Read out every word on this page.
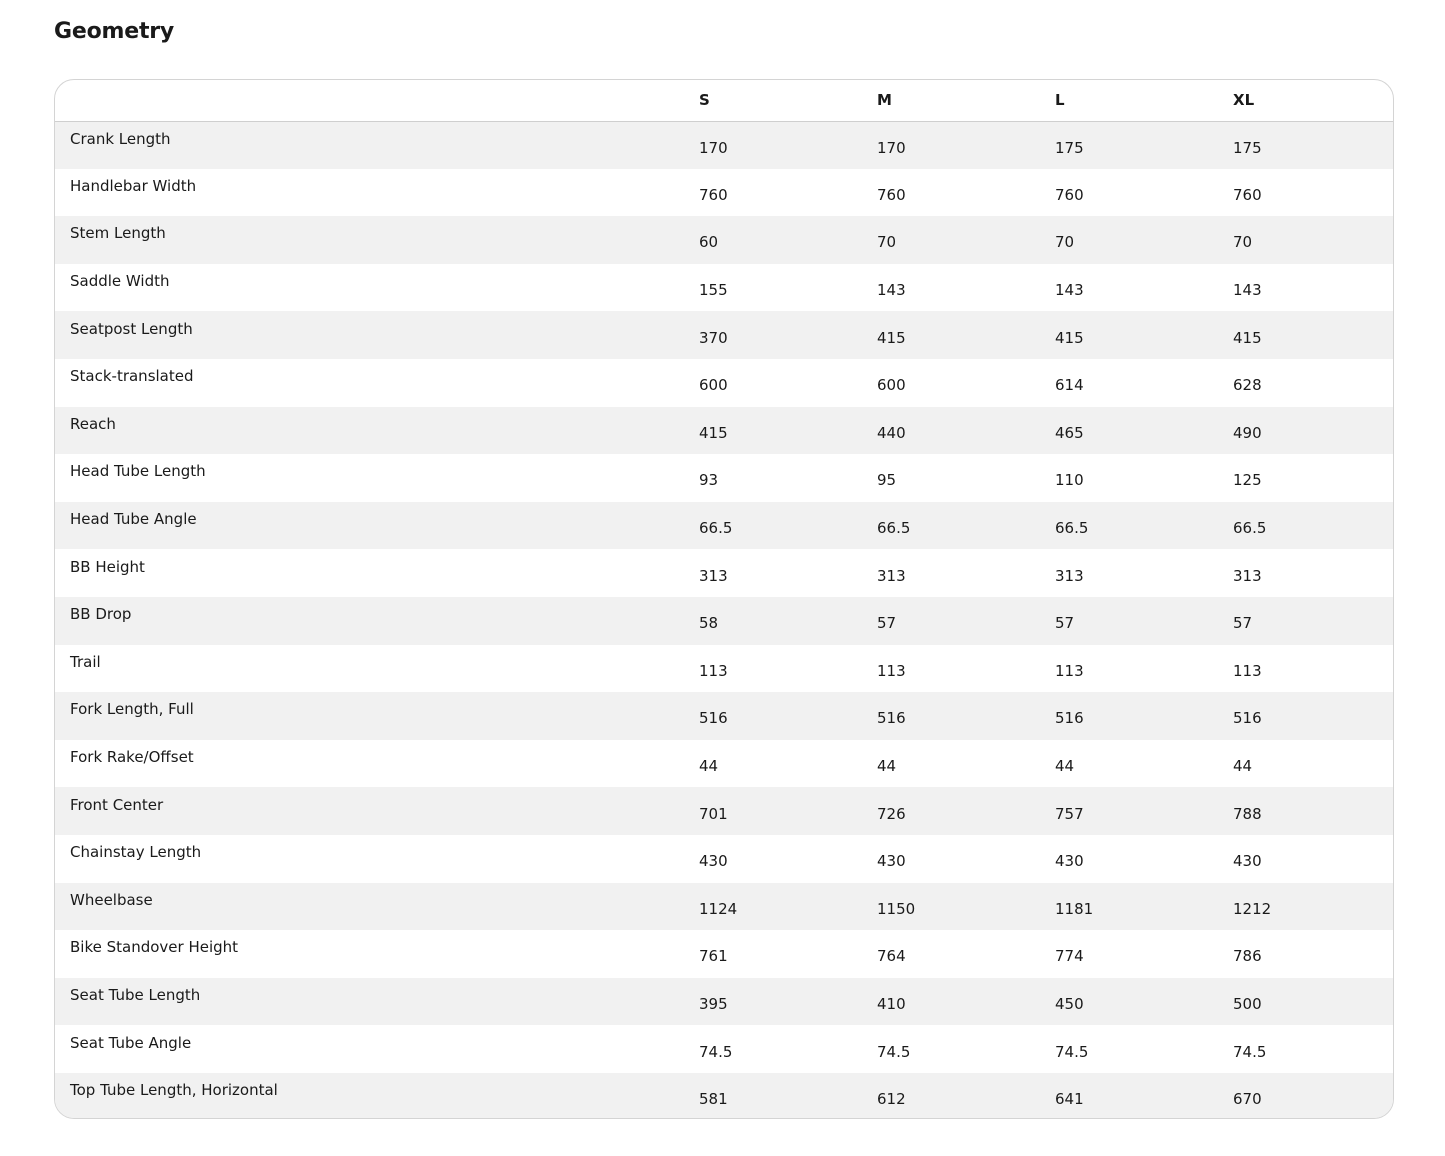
Geometry
	S	M	L	XL
Crank Length	170	170	175	175
Handlebar Width	760	760	760	760
Stem Length	60	70	70	70
Saddle Width	155	143	143	143
Seatpost Length	370	415	415	415
Stack-translated	600	600	614	628
Reach	415	440	465	490
Head Tube Length	93	95	110	125
Head Tube Angle	66.5	66.5	66.5	66.5
BB Height	313	313	313	313
BB Drop	58	57	57	57
Trail	113	113	113	113
Fork Length, Full	516	516	516	516
Fork Rake/Offset	44	44	44	44
Front Center	701	726	757	788
Chainstay Length	430	430	430	430
Wheelbase	1124	1150	1181	1212
Bike Standover Height	761	764	774	786
Seat Tube Length	395	410	450	500
Seat Tube Angle	74.5	74.5	74.5	74.5
Top Tube Length, Horizontal	581	612	641	670
